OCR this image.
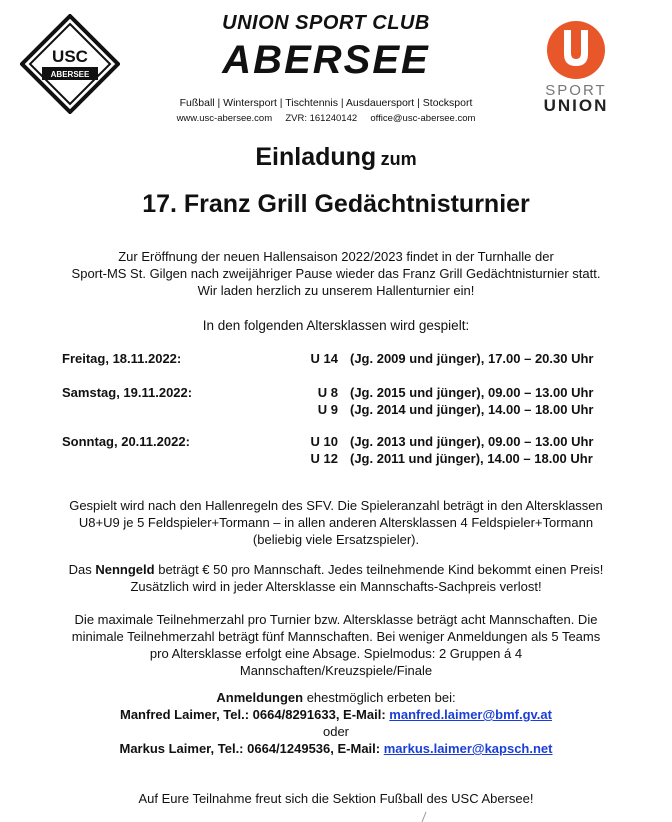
USC
ABERSEE
UNION SPORT CLUB
ABERSEE
Fußball | Wintersport | Tischtennis | Ausdauersport | Stocksport
www.usc-abersee.com ZVR: 161240142 office@usc-abersee.com
SPORT
UNION
Einladung zum
17. Franz Grill Gedächtnisturnier
Zur Eröffnung der neuen Hallensaison 2022/2023 findet in der Turnhalle der
Sport-MS St. Gilgen nach zweijähriger Pause wieder das Franz Grill Gedächtnisturnier statt.
Wir laden herzlich zu unserem Hallenturnier ein!
In den folgenden Altersklassen wird gespielt:
Freitag, 18.11.2022:	U 14 (Jg. 2009 und jünger), 17.00 – 20.30 Uhr
Samstag, 19.11.2022:	U 8 (Jg. 2015 und jünger), 09.00 – 13.00 Uhr
U 9 (Jg. 2014 und jünger), 14.00 – 18.00 Uhr
Sonntag, 20.11.2022:	U 10 (Jg. 2013 und jünger), 09.00 – 13.00 Uhr
U 12 (Jg. 2011 und jünger), 14.00 – 18.00 Uhr
Gespielt wird nach den Hallenregeln des SFV. Die Spieleranzahl beträgt in den Altersklassen
U8+U9 je 5 Feldspieler+Tormann – in allen anderen Altersklassen 4 Feldspieler+Tormann
(beliebig viele Ersatzspieler).
Das Nenngeld beträgt € 50 pro Mannschaft. Jedes teilnehmende Kind bekommt einen Preis!
Zusätzlich wird in jeder Altersklasse ein Mannschafts-Sachpreis verlost!
Die maximale Teilnehmerzahl pro Turnier bzw. Altersklasse beträgt acht Mannschaften. Die
minimale Teilnehmerzahl beträgt fünf Mannschaften. Bei weniger Anmeldungen als 5 Teams
pro Altersklasse erfolgt eine Absage. Spielmodus: 2 Gruppen á 4
Mannschaften/Kreuzspiele/Finale
Anmeldungen ehestmöglich erbeten bei:
Manfred Laimer, Tel.: 0664/8291633, E-Mail: manfred.laimer@bmf.gv.at
oder
Markus Laimer, Tel.: 0664/1249536, E-Mail: markus.laimer@kapsch.net
Auf Eure Teilnahme freut sich die Sektion Fußball des USC Abersee!
